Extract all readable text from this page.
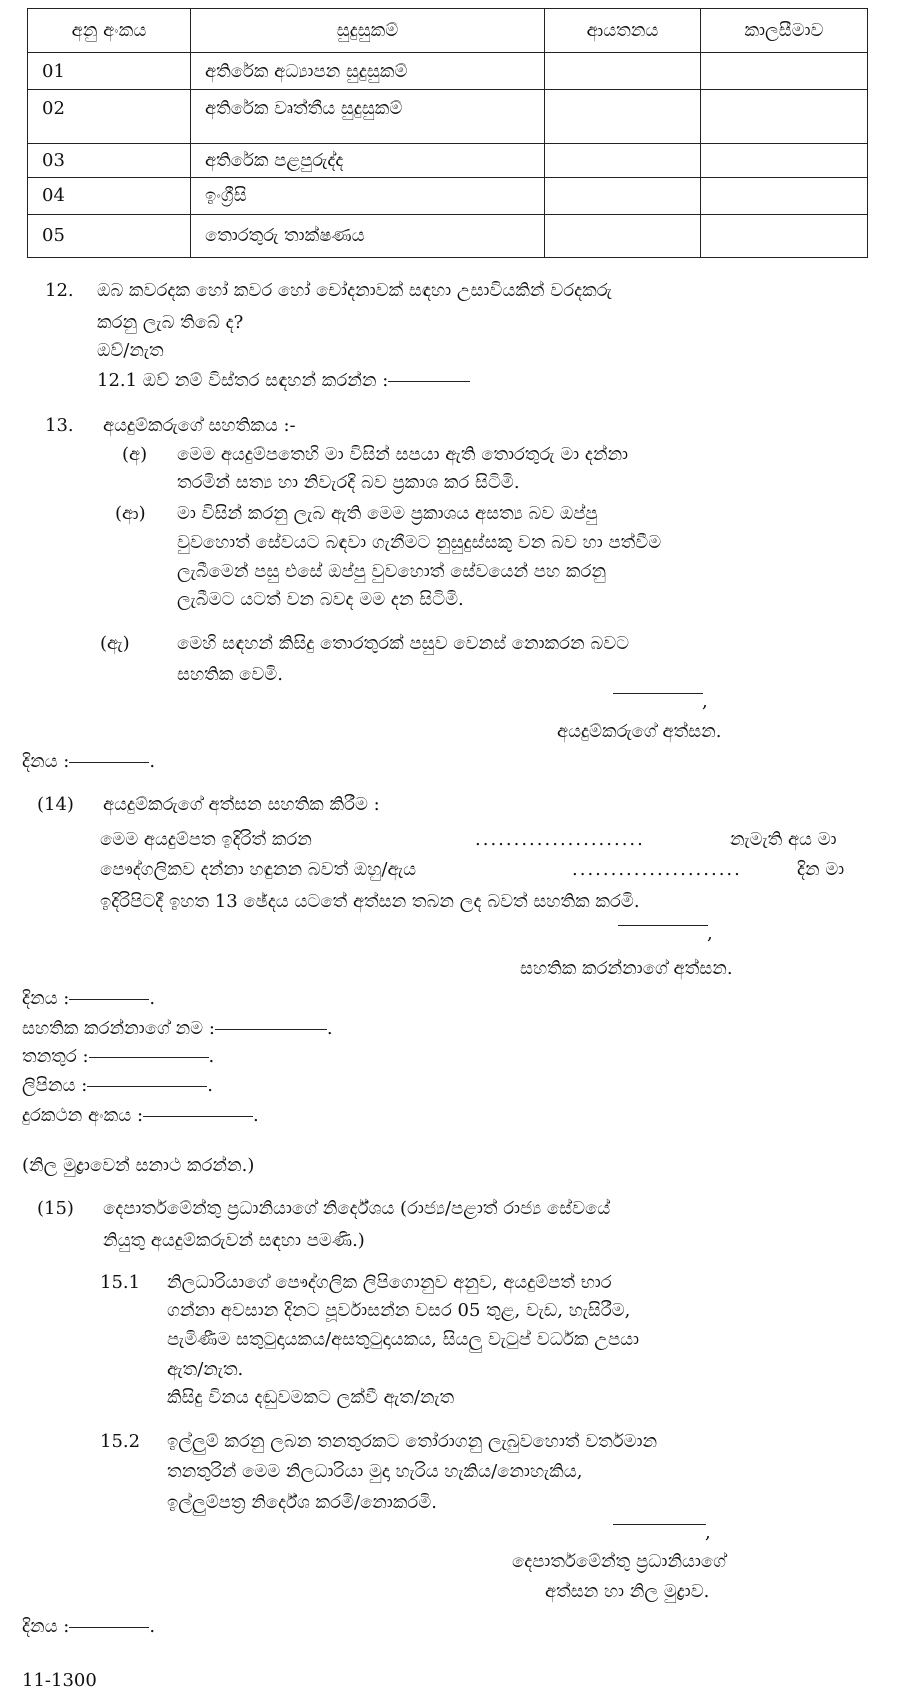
අනු අංකය	සුදුසුකම්	ආයතනය	කාලසීමාව
01	අතිරේක අධ්‍යාපන සුදුසුකම්		
02	අතිරේක වෘත්තීය සුදුසුකම්		
03	අතිරේක පළපුරුද්ද		
04	ඉංග්‍රීසි		
05	තොරතුරු තාක්ෂණය		
12. ඔබ කවරදක හෝ කවර හෝ චෝදනාවක් සඳහා උසාවියකින් වරදකරු
කරනු ලැබ තිබේ ද?
ඔව්/නැත
12.1 ඔව් නම් විස්තර සඳහන් කරන්න :
13. අයදුම්කරුගේ සහතිකය :-
(අ) මෙම අයදුම්පතෙහි මා විසින් සපයා ඇති තොරතුරු මා දන්නා
තරමින් සත්‍ය හා නිවැරදි බව ප්‍රකාශ කර සිටිමි.
(ආ) මා විසින් කරනු ලැබ ඇති මෙම ප්‍රකාශය අසත්‍ය බව ඔප්පු
වුවහොත් සේවයට බඳවා ගැනීමට නුසුදුස්සකු වන බව හා පත්වීම
ලැබීමෙන් පසු එසේ ඔප්පු වුවහොත් සේවයෙන් පහ කරනු
ලැබීමට යටත් වන බවද මම දන සිටිමි.
(ඇ)	මෙහි සඳහන් කිසිදු තොරතුරක් පසුව වෙනස් නොකරන බවට
සහතික වෙමි.
,
අයදුම්කරුගේ අත්සන.
දිනය :	.
(14) අයදුම්කරුගේ අත්සන සහතික කිරීම :
මෙම අයදුම්පත ඉදිරිත් කරන	......................	නැමැති අය මා
පෞද්ගලිකව දන්නා හඳුනන බවත් ඔහු/ඇය	......................	දින මා
ඉදිරිපිටදී ඉහත 13 ඡේදය යටතේ අත්සන තබන ලද බවත් සහතික කරමි.
,
සහතික කරන්නාගේ අත්සන.
දිනය :	.
සහතික කරන්නාගේ නම :	.
තනතුර :	.
ලිපිනය :	.
දුරකථන අංකය :	.
(නිල මුද්‍රාවෙන් සනාථ කරන්න.)
(15) දෙපාර්තමේන්තු ප්‍රධානියාගේ නිර්දේශය (රාජ්‍ය/පළාත් රාජ්‍ය සේවයේ
නියුතු අයදුම්කරුවන් සඳහා පමණි.)
15.1 නිලධාරියාගේ පෞද්ගලික ලිපිගොනුව අනුව, අයදුම්පත් භාර
ගන්නා අවසාන දිනට පූර්වාසන්න වසර 05 තුළ, වැඩ, හැසිරීම,
පැමිණීම සතුටුදායකය/අසතුටුදායකය, සියලු වැටුප් වර්ධක උපයා
ඇත/නැත.
කිසිදු විනය දඬුවමකට ලක්වී ඇත/නැත
15.2 ඉල්ලුම් කරනු ලබන තනතුරකට තෝරාගනු ලැබුවහොත් වර්තමාන
තනතුරින් මෙම නිලධාරියා මුදා හැරිය හැකිය/නොහැකිය,
ඉල්ලුම්පත්‍ර නිර්දේශ කරමි/නොකරමි.
,
දෙපාර්තමේන්තු ප්‍රධානියාගේ
අත්සන හා නිල මුද්‍රාව.
දිනය :	.
11-1300
